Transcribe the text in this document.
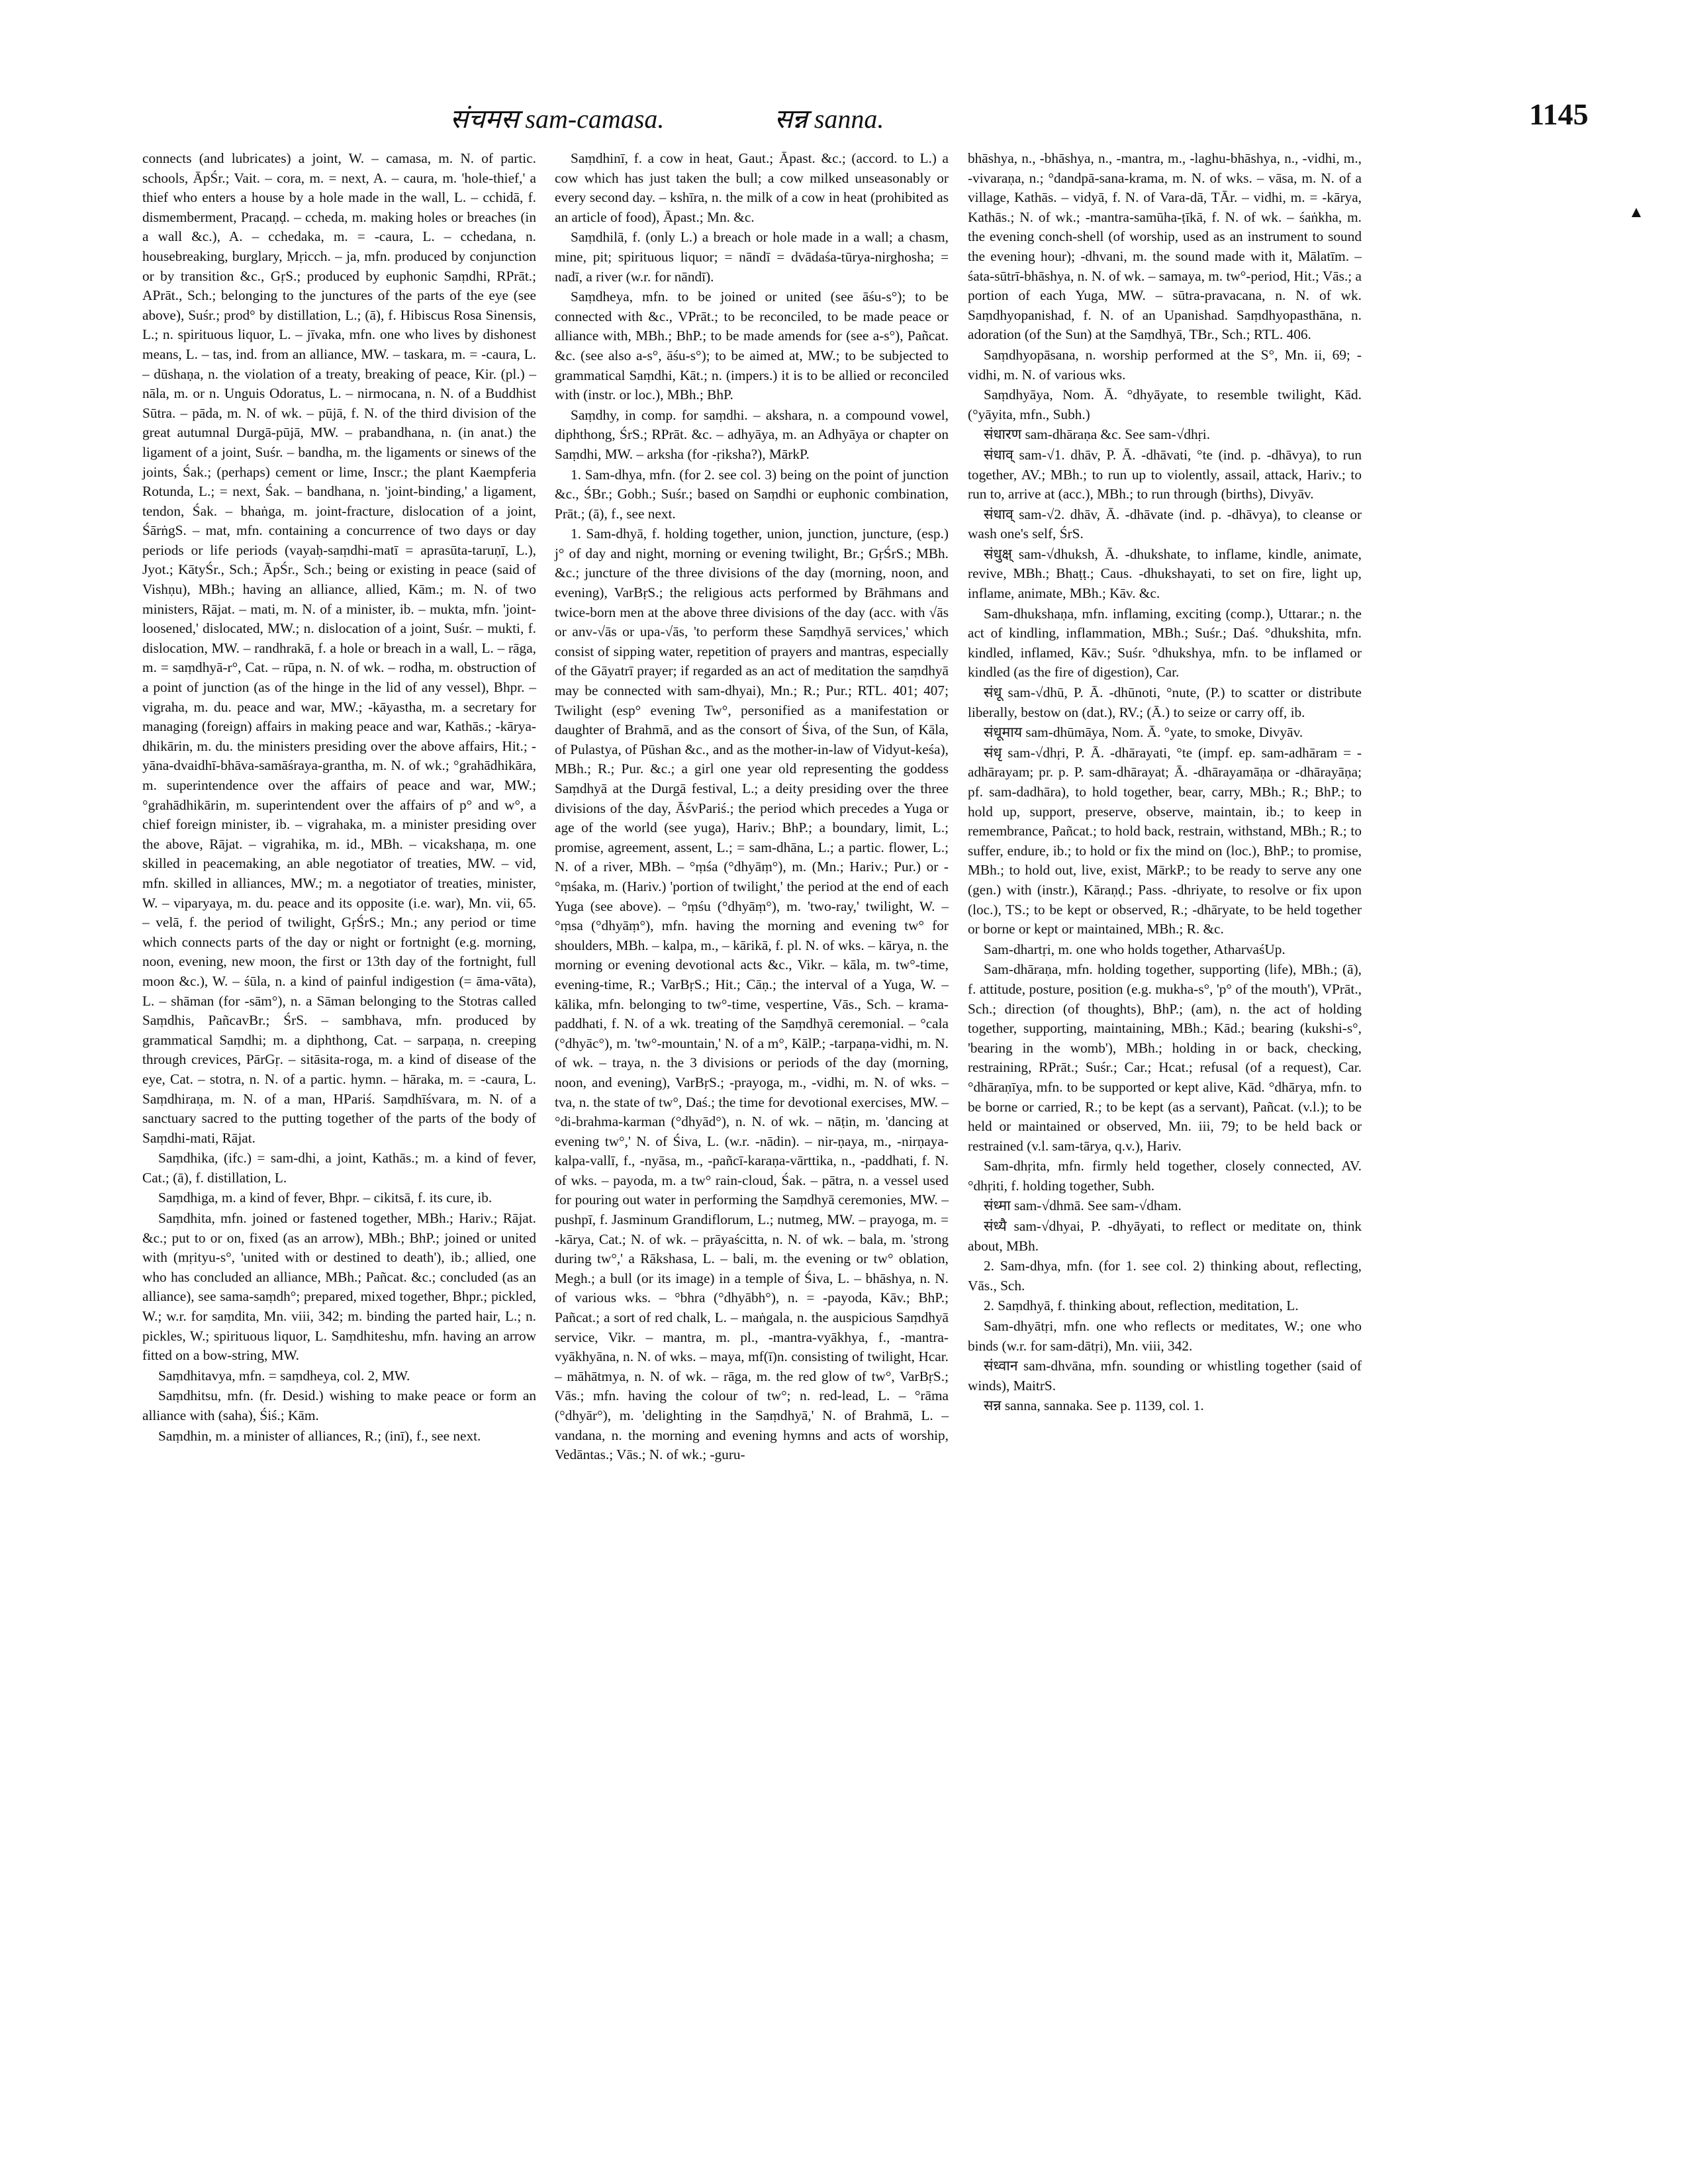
संचमस sam-camasa.	सन्न sanna.	1145

connects (and lubricates) a joint, W. – camasa, m. N. of partic. schools, ĀpŚr.; Vait. – cora, m. = next, A. – caura, m. 'hole-thief,' a thief who enters a house by a hole made in the wall, L. – cchidā, f. dismemberment, Pracaṇḍ. – ccheda, m. making holes or breaches (in a wall &c.), A. – cchedaka, m. = -caura, L. – cchedana, n. housebreaking, burglary, Mṛicch. – ja, mfn. produced by conjunction or by transition &c., GṛS.; produced by euphonic Saṃdhi, RPrāt.; APrāt., Sch.; belonging to the junctures of the parts of the eye (see above), Suśr.; prod° by distillation, L.; (ā), f. Hibiscus Rosa Sinensis, L.; n. spirituous liquor, L. – jīvaka, mfn. one who lives by dishonest means, L. – tas, ind. from an alliance, MW. – taskara, m. = -caura, L. – dūshaṇa, n. the violation of a treaty, breaking of peace, Kir. (pl.) – nāla, m. or n. Unguis Odoratus, L. – nirmocana, n. N. of a Buddhist Sūtra. – pāda, m. N. of wk. – pūjā, f. N. of the third division of the great autumnal Durgā-pūjā, MW. – prabandhana, n. (in anat.) the ligament of a joint, Suśr. – bandha, m. the ligaments or sinews of the joints, Śak.; (perhaps) cement or lime, Inscr.; the plant Kaempferia Rotunda, L.; = next, Śak. – bandhana, n. 'joint-binding,' a ligament, tendon, Śak. – bhaṅga, m. joint-fracture, dislocation of a joint, ŚārṅgS. – mat, mfn. containing a concurrence of two days or day periods or life periods (vayaḥ-saṃdhi-matī = aprasūta-taruṇī, L.), Jyot.; KātyŚr., Sch.; ĀpŚr., Sch.; being or existing in peace (said of Vishṇu), MBh.; having an alliance, allied, Kām.; m. N. of two ministers, Rājat. – mati, m. N. of a minister, ib. – mukta, mfn. 'joint-loosened,' dislocated, MW.; n. dislocation of a joint, Suśr. – mukti, f. dislocation, MW. – randhrakā, f. a hole or breach in a wall, L. – rāga, m. = saṃdhyā-r°, Cat. – rūpa, n. N. of wk. – rodha, m. obstruction of a point of junction (as of the hinge in the lid of any vessel), Bhpr. – vigraha, m. du. peace and war, MW.; -kāyastha, m. a secretary for managing (foreign) affairs in making peace and war, Kathās.; -kārya-dhikārin, m. du. the ministers presiding over the above affairs, Hit.; -yāna-dvaidhī-bhāva-samāśraya-grantha, m. N. of wk.; °grahādhikāra, m. superintendence over the affairs of peace and war, MW.; °grahādhikārin, m. superintendent over the affairs of p° and w°, a chief foreign minister, ib. – vigrahaka, m. a minister presiding over the above, Rājat. – vigrahika, m. id., MBh. – vicakshaṇa, m. one skilled in peacemaking, an able negotiator of treaties, MW. – vid, mfn. skilled in alliances, MW.; m. a negotiator of treaties, minister, W. – viparyaya, m. du. peace and its opposite (i.e. war), Mn. vii, 65. – velā, f. the period of twilight, GṛŚrS.; Mn.; any period or time which connects parts of the day or night or fortnight (e.g. morning, noon, evening, new moon, the first or 13th day of the fortnight, full moon &c.), W. – śūla, n. a kind of painful indigestion (= āma-vāta), L. – shāman (for -sām°), n. a Sāman belonging to the Stotras called Saṃdhis, PañcavBr.; ŚrS. – sambhava, mfn. produced by grammatical Saṃdhi; m. a diphthong, Cat. – sarpaṇa, n. creeping through crevices, PārGṛ. – sitāsita-roga, m. a kind of disease of the eye, Cat. – stotra, n. N. of a partic. hymn. – hāraka, m. = -caura, L. Saṃdhiraṇa, m. N. of a man, HPariś. Saṃdhīśvara, m. N. of a sanctuary sacred to the putting together of the parts of the body of Saṃdhi-mati, Rājat.

Saṃdhika, (ifc.) = sam-dhi, a joint, Kathās.; m. a kind of fever, Cat.; (ā), f. distillation, L.

Saṃdhiga, m. a kind of fever, Bhpr. – cikitsā, f. its cure, ib.

Saṃdhita, mfn. joined or fastened together, MBh.; Hariv.; Rājat. &c.; put to or on, fixed (as an arrow), MBh.; BhP.; joined or united with (mṛityu-s°, 'united with or destined to death'), ib.; allied, one who has concluded an alliance, MBh.; Pañcat. &c.; concluded (as an alliance), see sama-saṃdh°; prepared, mixed together, Bhpr.; pickled, W.; w.r. for saṃdita, Mn. viii, 342; m. binding the parted hair, L.; n. pickles, W.; spirituous liquor, L. Saṃdhiteshu, mfn. having an arrow fitted on a bow-string, MW.

Saṃdhitavya, mfn. = saṃdheya, col. 2, MW.

Saṃdhitsu, mfn. (fr. Desid.) wishing to make peace or form an alliance with (saha), Śiś.; Kām.

Saṃdhin, m. a minister of alliances, R.; (inī), f., see next.

Saṃdhinī, f. a cow in heat, Gaut.; Āpast. &c.; (accord. to L.) a cow which has just taken the bull; a cow milked unseasonably or every second day. – kshīra, n. the milk of a cow in heat (prohibited as an article of food), Āpast.; Mn. &c.

Saṃdhilā, f. (only L.) a breach or hole made in a wall; a chasm, mine, pit; spirituous liquor; = nāndī = dvādaśa-tūrya-nirghosha; = nadī, a river (w.r. for nāndī).

Saṃdheya, mfn. to be joined or united (see āśu-s°); to be connected with &c., VPrāt.; to be reconciled, to be made peace or alliance with, MBh.; BhP.; to be made amends for (see a-s°), Pañcat. &c. (see also a-s°, āśu-s°); to be aimed at, MW.; to be subjected to grammatical Saṃdhi, Kāt.; n. (impers.) it is to be allied or reconciled with (instr. or loc.), MBh.; BhP.

Saṃdhy, in comp. for saṃdhi. – akshara, n. a compound vowel, diphthong, ŚrS.; RPrāt. &c. – adhyāya, m. an Adhyāya or chapter on Saṃdhi, MW. – arksha (for -ṛiksha?), MārkP.

1. Sam-dhya, mfn. (for 2. see col. 3) being on the point of junction &c., ŚBr.; Gobh.; Suśr.; based on Saṃdhi or euphonic combination, Prāt.; (ā), f., see next.

1. Sam-dhyā, f. holding together, union, junction, juncture, (esp.) j° of day and night, morning or evening twilight, Br.; GṛŚrS.; MBh. &c.; juncture of the three divisions of the day (morning, noon, and evening), VarBṛS.; the religious acts performed by Brāhmans and twice-born men at the above three divisions of the day (acc. with √ās or anv-√ās or upa-√ās, 'to perform these Saṃdhyā services,' which consist of sipping water, repetition of prayers and mantras, especially of the Gāyatrī prayer; if regarded as an act of meditation the saṃdhyā may be connected with sam-dhyai), Mn.; R.; Pur.; RTL. 401; 407; Twilight (esp° evening Tw°, personified as a manifestation or daughter of Brahmā, and as the consort of Śiva, of the Sun, of Kāla, of Pulastya, of Pūshan &c., and as the mother-in-law of Vidyut-keśa), MBh.; R.; Pur. &c.; a girl one year old representing the goddess Saṃdhyā at the Durgā festival, L.; a deity presiding over the three divisions of the day, ĀśvPariś.; the period which precedes a Yuga or age of the world (see yuga), Hariv.; BhP.; a boundary, limit, L.; promise, agreement, assent, L.; = sam-dhāna, L.; a partic. flower, L.; N. of a river, MBh. – °ṃśa (°dhyāṃ°), m. (Mn.; Hariv.; Pur.) or -°ṃśaka, m. (Hariv.) 'portion of twilight,' the period at the end of each Yuga (see above). – °ṃśu (°dhyāṃ°), m. 'two-ray,' twilight, W. – °ṃsa (°dhyāṃ°), mfn. having the morning and evening tw° for shoulders, MBh. – kalpa, m., – kārikā, f. pl. N. of wks. – kārya, n. the morning or evening devotional acts &c., Vikr. – kāla, m. tw°-time, evening-time, R.; VarBṛS.; Hit.; Cāṇ.; the interval of a Yuga, W. – kālika, mfn. belonging to tw°-time, vespertine, Vās., Sch. – krama-paddhati, f. N. of a wk. treating of the Saṃdhyā ceremonial. – °cala (°dhyāc°), m. 'tw°-mountain,' N. of a m°, KālP.; -tarpaṇa-vidhi, m. N. of wk. – traya, n. the 3 divisions or periods of the day (morning, noon, and evening), VarBṛS.; -prayoga, m., -vidhi, m. N. of wks. – tva, n. the state of tw°, Daś.; the time for devotional exercises, MW. – °di-brahma-karman (°dhyād°), n. N. of wk. – nāṭin, m. 'dancing at evening tw°,' N. of Śiva, L. (w.r. -nādin). – nir-ṇaya, m., -nirṇaya-kalpa-vallī, f., -nyāsa, m., -pañcī-karaṇa-vārttika, n., -paddhati, f. N. of wks. – payoda, m. a tw° rain-cloud, Śak. – pātra, n. a vessel used for pouring out water in performing the Saṃdhyā ceremonies, MW. – pushpī, f. Jasminum Grandiflorum, L.; nutmeg, MW. – prayoga, m. = -kārya, Cat.; N. of wk. – prāyaścitta, n. N. of wk. – bala, m. 'strong during tw°,' a Rākshasa, L. – bali, m. the evening or tw° oblation, Megh.; a bull (or its image) in a temple of Śiva, L. – bhāshya, n. N. of various wks. – °bhra (°dhyābh°), n. = -payoda, Kāv.; BhP.; Pañcat.; a sort of red chalk, L. – maṅgala, n. the auspicious Saṃdhyā service, Vikr. – mantra, m. pl., -mantra-vyākhya, f., -mantra-vyākhyāna, n. N. of wks. – maya, mf(ī)n. consisting of twilight, Hcar. – māhātmya, n. N. of wk. – rāga, m. the red glow of tw°, VarBṛS.; Vās.; mfn. having the colour of tw°; n. red-lead, L. – °rāma (°dhyār°), m. 'delighting in the Saṃdhyā,' N. of Brahmā, L. – vandana, n. the morning and evening hymns and acts of worship, Vedāntas.; Vās.; N. of wk.; -guru-

bhāshya, n., -bhāshya, n., -mantra, m., -laghu-bhāshya, n., -vidhi, m., -vivaraṇa, n.; °dandpā-sana-krama, m. N. of wks. – vāsa, m. N. of a village, Kathās. – vidyā, f. N. of Vara-dā, TĀr. – vidhi, m. = -kārya, Kathās.; N. of wk.; -mantra-samūha-ṭīkā, f. N. of wk. – śaṅkha, m. the evening conch-shell (of worship, used as an instrument to sound the evening hour); -dhvani, m. the sound made with it, Mālatīm. – śata-sūtrī-bhāshya, n. N. of wk. – samaya, m. tw°-period, Hit.; Vās.; a portion of each Yuga, MW. – sūtra-pravacana, n. N. of wk. Saṃdhyopanishad, f. N. of an Upanishad. Saṃdhyopasthāna, n. adoration (of the Sun) at the Saṃdhyā, TBr., Sch.; RTL. 406.

Saṃdhyopāsana, n. worship performed at the S°, Mn. ii, 69; -vidhi, m. N. of various wks.

Saṃdhyāya, Nom. Ā. °dhyāyate, to resemble twilight, Kād. (°yāyita, mfn., Subh.)

संधारण sam-dhāraṇa &c. See sam-√dhṛi.

संधाव् sam-√1. dhāv, P. Ā. -dhāvati, °te (ind. p. -dhāvya), to run together, AV.; MBh.; to run up to violently, assail, attack, Hariv.; to run to, arrive at (acc.), MBh.; to run through (births), Divyāv.

संधाव् sam-√2. dhāv, Ā. -dhāvate (ind. p. -dhāvya), to cleanse or wash one's self, ŚrS.

संधुक्ष् sam-√dhuksh, Ā. -dhukshate, to inflame, kindle, animate, revive, MBh.; Bhaṭṭ.; Caus. -dhukshayati, to set on fire, light up, inflame, animate, MBh.; Kāv. &c.

Sam-dhukshaṇa, mfn. inflaming, exciting (comp.), Uttarar.; n. the act of kindling, inflammation, MBh.; Suśr.; Daś. °dhukshita, mfn. kindled, inflamed, Kāv.; Suśr. °dhukshya, mfn. to be inflamed or kindled (as the fire of digestion), Car.

संधू sam-√dhū, P. Ā. -dhūnoti, °nute, (P.) to scatter or distribute liberally, bestow on (dat.), RV.; (Ā.) to seize or carry off, ib.

संधूमाय sam-dhūmāya, Nom. Ā. °yate, to smoke, Divyāv.

संधृ sam-√dhṛi, P. Ā. -dhārayati, °te (impf. ep. sam-adhāram = -adhārayam; pr. p. P. sam-dhārayat; Ā. -dhārayamāṇa or -dhārayāṇa; pf. sam-dadhāra), to hold together, bear, carry, MBh.; R.; BhP.; to hold up, support, preserve, observe, maintain, ib.; to keep in remembrance, Pañcat.; to hold back, restrain, withstand, MBh.; R.; to suffer, endure, ib.; to hold or fix the mind on (loc.), BhP.; to promise, MBh.; to hold out, live, exist, MārkP.; to be ready to serve any one (gen.) with (instr.), Kāraṇḍ.; Pass. -dhriyate, to resolve or fix upon (loc.), TS.; to be kept or observed, R.; -dhāryate, to be held together or borne or kept or maintained, MBh.; R. &c.

Sam-dhartṛi, m. one who holds together, AtharvaśUp.

Sam-dhāraṇa, mfn. holding together, supporting (life), MBh.; (ā), f. attitude, posture, position (e.g. mukha-s°, 'p° of the mouth'), VPrāt., Sch.; direction (of thoughts), BhP.; (am), n. the act of holding together, supporting, maintaining, MBh.; Kād.; bearing (kukshi-s°, 'bearing in the womb'), MBh.; holding in or back, checking, restraining, RPrāt.; Suśr.; Car.; Hcat.; refusal (of a request), Car. °dhāraṇīya, mfn. to be supported or kept alive, Kād. °dhārya, mfn. to be borne or carried, R.; to be kept (as a servant), Pañcat. (v.l.); to be held or maintained or observed, Mn. iii, 79; to be held back or restrained (v.l. sam-tārya, q.v.), Hariv.

Sam-dhṛita, mfn. firmly held together, closely connected, AV. °dhṛiti, f. holding together, Subh.

संध्मा sam-√dhmā. See sam-√dham.

संध्यै sam-√dhyai, P. -dhyāyati, to reflect or meditate on, think about, MBh.

2. Sam-dhya, mfn. (for 1. see col. 2) thinking about, reflecting, Vās., Sch.

2. Saṃdhyā, f. thinking about, reflection, meditation, L.

Sam-dhyātṛi, mfn. one who reflects or meditates, W.; one who binds (w.r. for sam-dātṛi), Mn. viii, 342.

संध्वान sam-dhvāna, mfn. sounding or whistling together (said of winds), MaitrS.

सन्न sanna, sannaka. See p. 1139, col. 1.

▲
